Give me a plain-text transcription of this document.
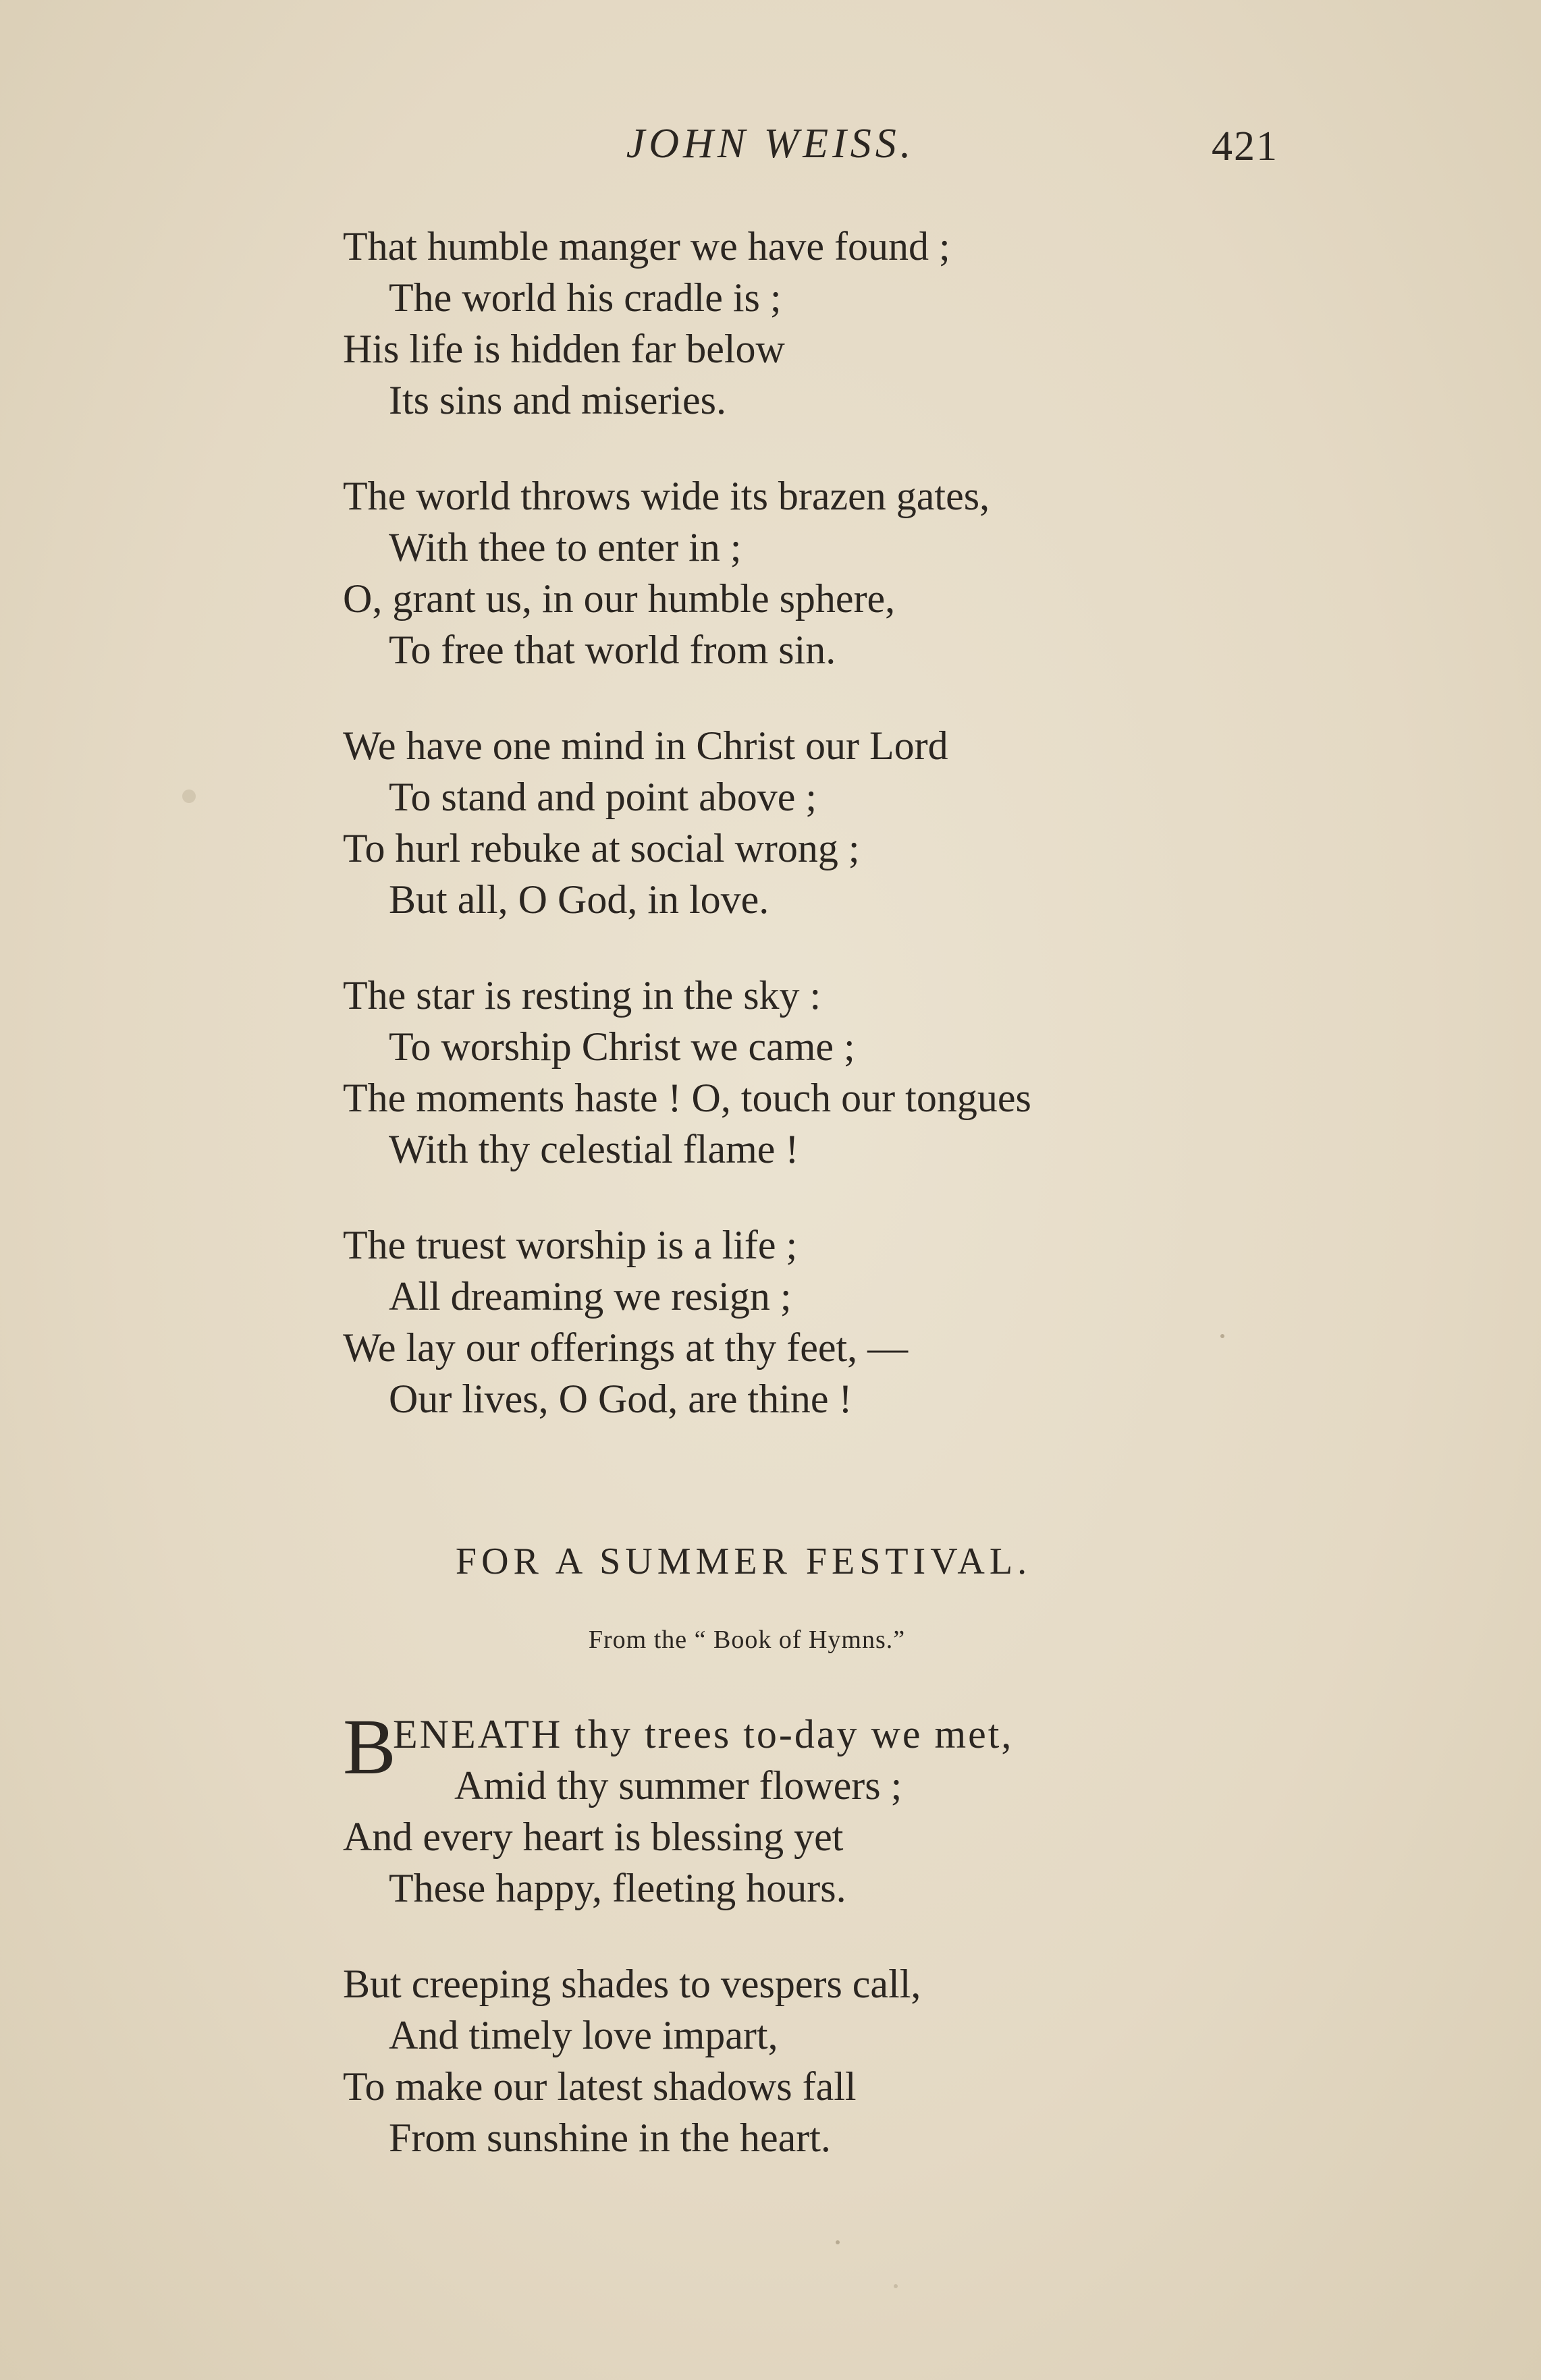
JOHN WEISS.	421
That humble manger we have found ;
The world his cradle is ;
His life is hidden far below
Its sins and miseries.
The world throws wide its brazen gates,
With thee to enter in ;
O, grant us, in our humble sphere,
To free that world from sin.
We have one mind in Christ our Lord
To stand and point above ;
To hurl rebuke at social wrong ;
But all, O God, in love.
The star is resting in the sky :
To worship Christ we came ;
The moments haste ! O, touch our tongues
With thy celestial flame !
The truest worship is a life ;
All dreaming we resign ;
We lay our offerings at thy feet, —
Our lives, O God, are thine !
FOR A SUMMER FESTIVAL.
From the “ Book of Hymns.”
B
ENEATH thy trees to-day we met,
Amid thy summer flowers ;
And every heart is blessing yet
These happy, fleeting hours.
But creeping shades to vespers call,
And timely love impart,
To make our latest shadows fall
From sunshine in the heart.
